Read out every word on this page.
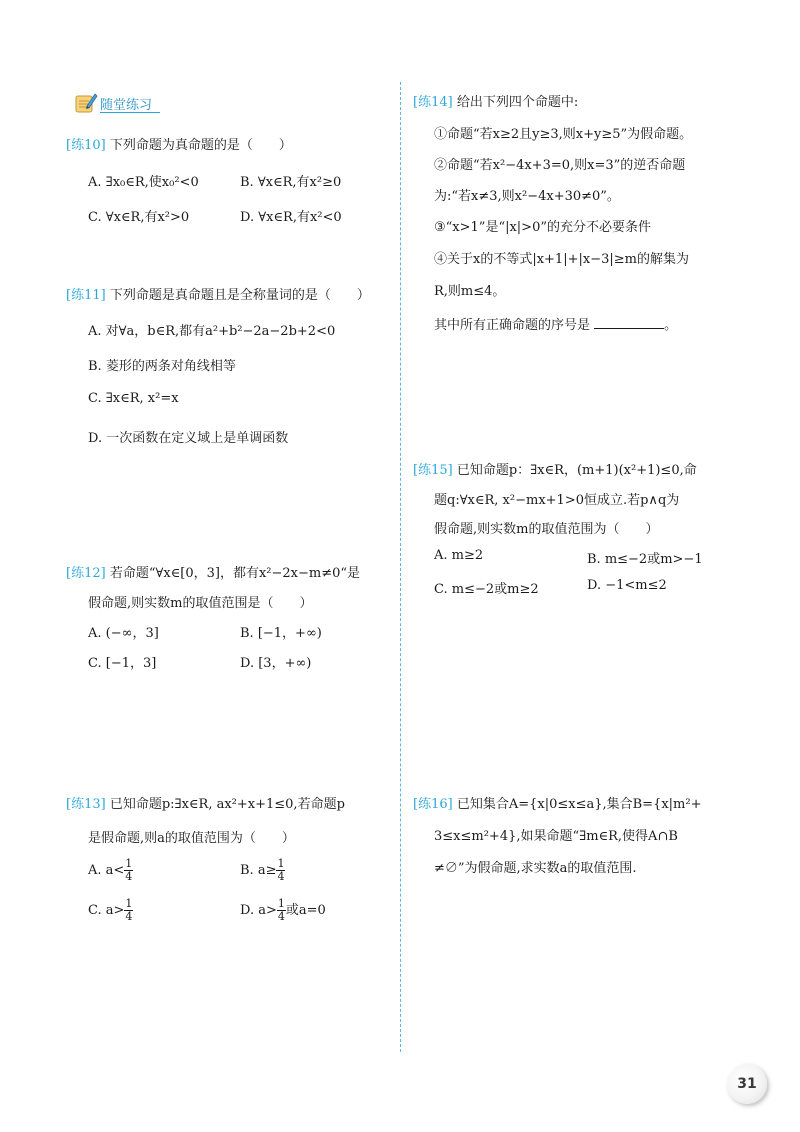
随堂练习
[练10] 下列命题为真命题的是（　　）
A. ∃x₀∈R,使x₀²<0	B. ∀x∈R,有x²≥0
C. ∀x∈R,有x²>0	D. ∀x∈R,有x²<0
[练11] 下列命题是真命题且是全称量词的是（　　）
A. 对∀a，b∈R,都有a²+b²−2a−2b+2<0
B. 菱形的两条对角线相等
C. ∃x∈R, x²=x
D. 一次函数在定义域上是单调函数
[练12] 若命题“∀x∈[0，3]，都有x²−2x−m≠0“是
假命题,则实数m的取值范围是（　　）
A. (−∞，3]	B. [−1，+∞)
C. [−1，3]	D. [3，+∞)
[练13] 已知命题p:∃x∈R, ax²+x+1≤0,若命题p
是假命题,则a的取值范围为（　　）
A. $a< \frac{1}{4}$	B. $a\ge \frac{1}{4}$
C. $a> \frac{1}{4}$	D. $a> \frac{1}{4}$ 或a=0
[练14] 给出下列四个命题中:
①命题“若x≥2且y≥3,则x+y≥5”为假命题。
②命题“若x²−4x+3=0,则x=3”的逆否命题
为:“若x≠3,则x²−4x+30≠0”。
③“x>1”是“|x|>0”的充分不必要条件
④关于x的不等式|x+1|+|x−3|≥m的解集为
R,则m≤4。
其中所有正确命题的序号是	。
[练15] 已知命题p：∃x∈R，(m+1)(x²+1)≤0,命
题q:∀x∈R, x²−mx+1>0恒成立.若p∧q为
假命题,则实数m的取值范围为（　　）
A. m≥2	B. m≤−2或m>−1
C. m≤−2或m≥2	D. −1<m≤2
[练16] 已知集合A={x|0≤x≤a},集合B={x|m²+
3≤x≤m²+4},如果命题“∃m∈R,使得A∩B
≠∅”为假命题,求实数a的取值范围.
31
